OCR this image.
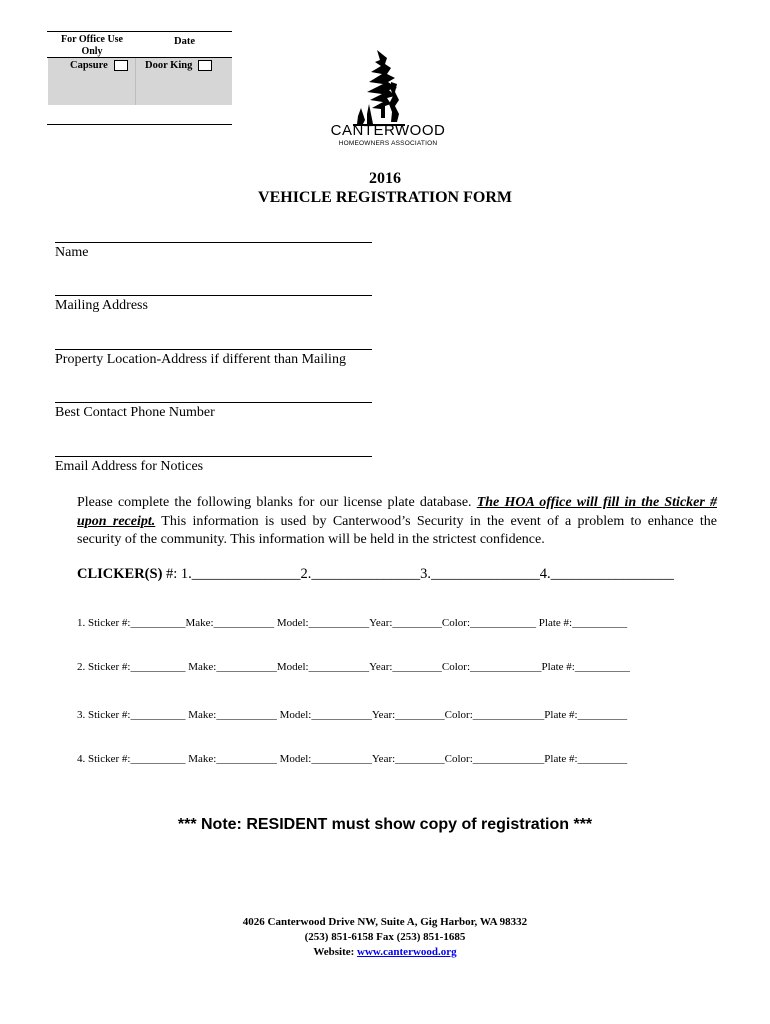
For Office Use Only
Date
Capsure	Door King
CANTERWOOD
HOMEOWNERS ASSOCIATION
2016
VEHICLE REGISTRATION FORM
Name
Mailing Address
Property Location-Address if different than Mailing
Best Contact Phone Number
Email Address for Notices
Please complete the following blanks for our license plate database. The HOA office will fill in the Sticker # upon receipt. This information is used by Canterwood’s Security in the event of a problem to enhance the security of the community. This information will be held in the strictest confidence.
CLICKER(S) #: 1._______________2._______________3._______________4._________________
1. Sticker #:__________Make:___________ Model:___________Year:_________Color:____________ Plate #:__________
2. Sticker #:__________ Make:___________Model:___________Year:_________Color:_____________Plate #:__________
3. Sticker #:__________ Make:___________ Model:___________Year:_________Color:_____________Plate #:_________
4. Sticker #:__________ Make:___________ Model:___________Year:_________Color:_____________Plate #:_________
*** Note: RESIDENT must show copy of registration ***
4026 Canterwood Drive NW, Suite A, Gig Harbor, WA 98332
(253) 851-6158 Fax (253) 851-1685
Website: www.canterwood.org
